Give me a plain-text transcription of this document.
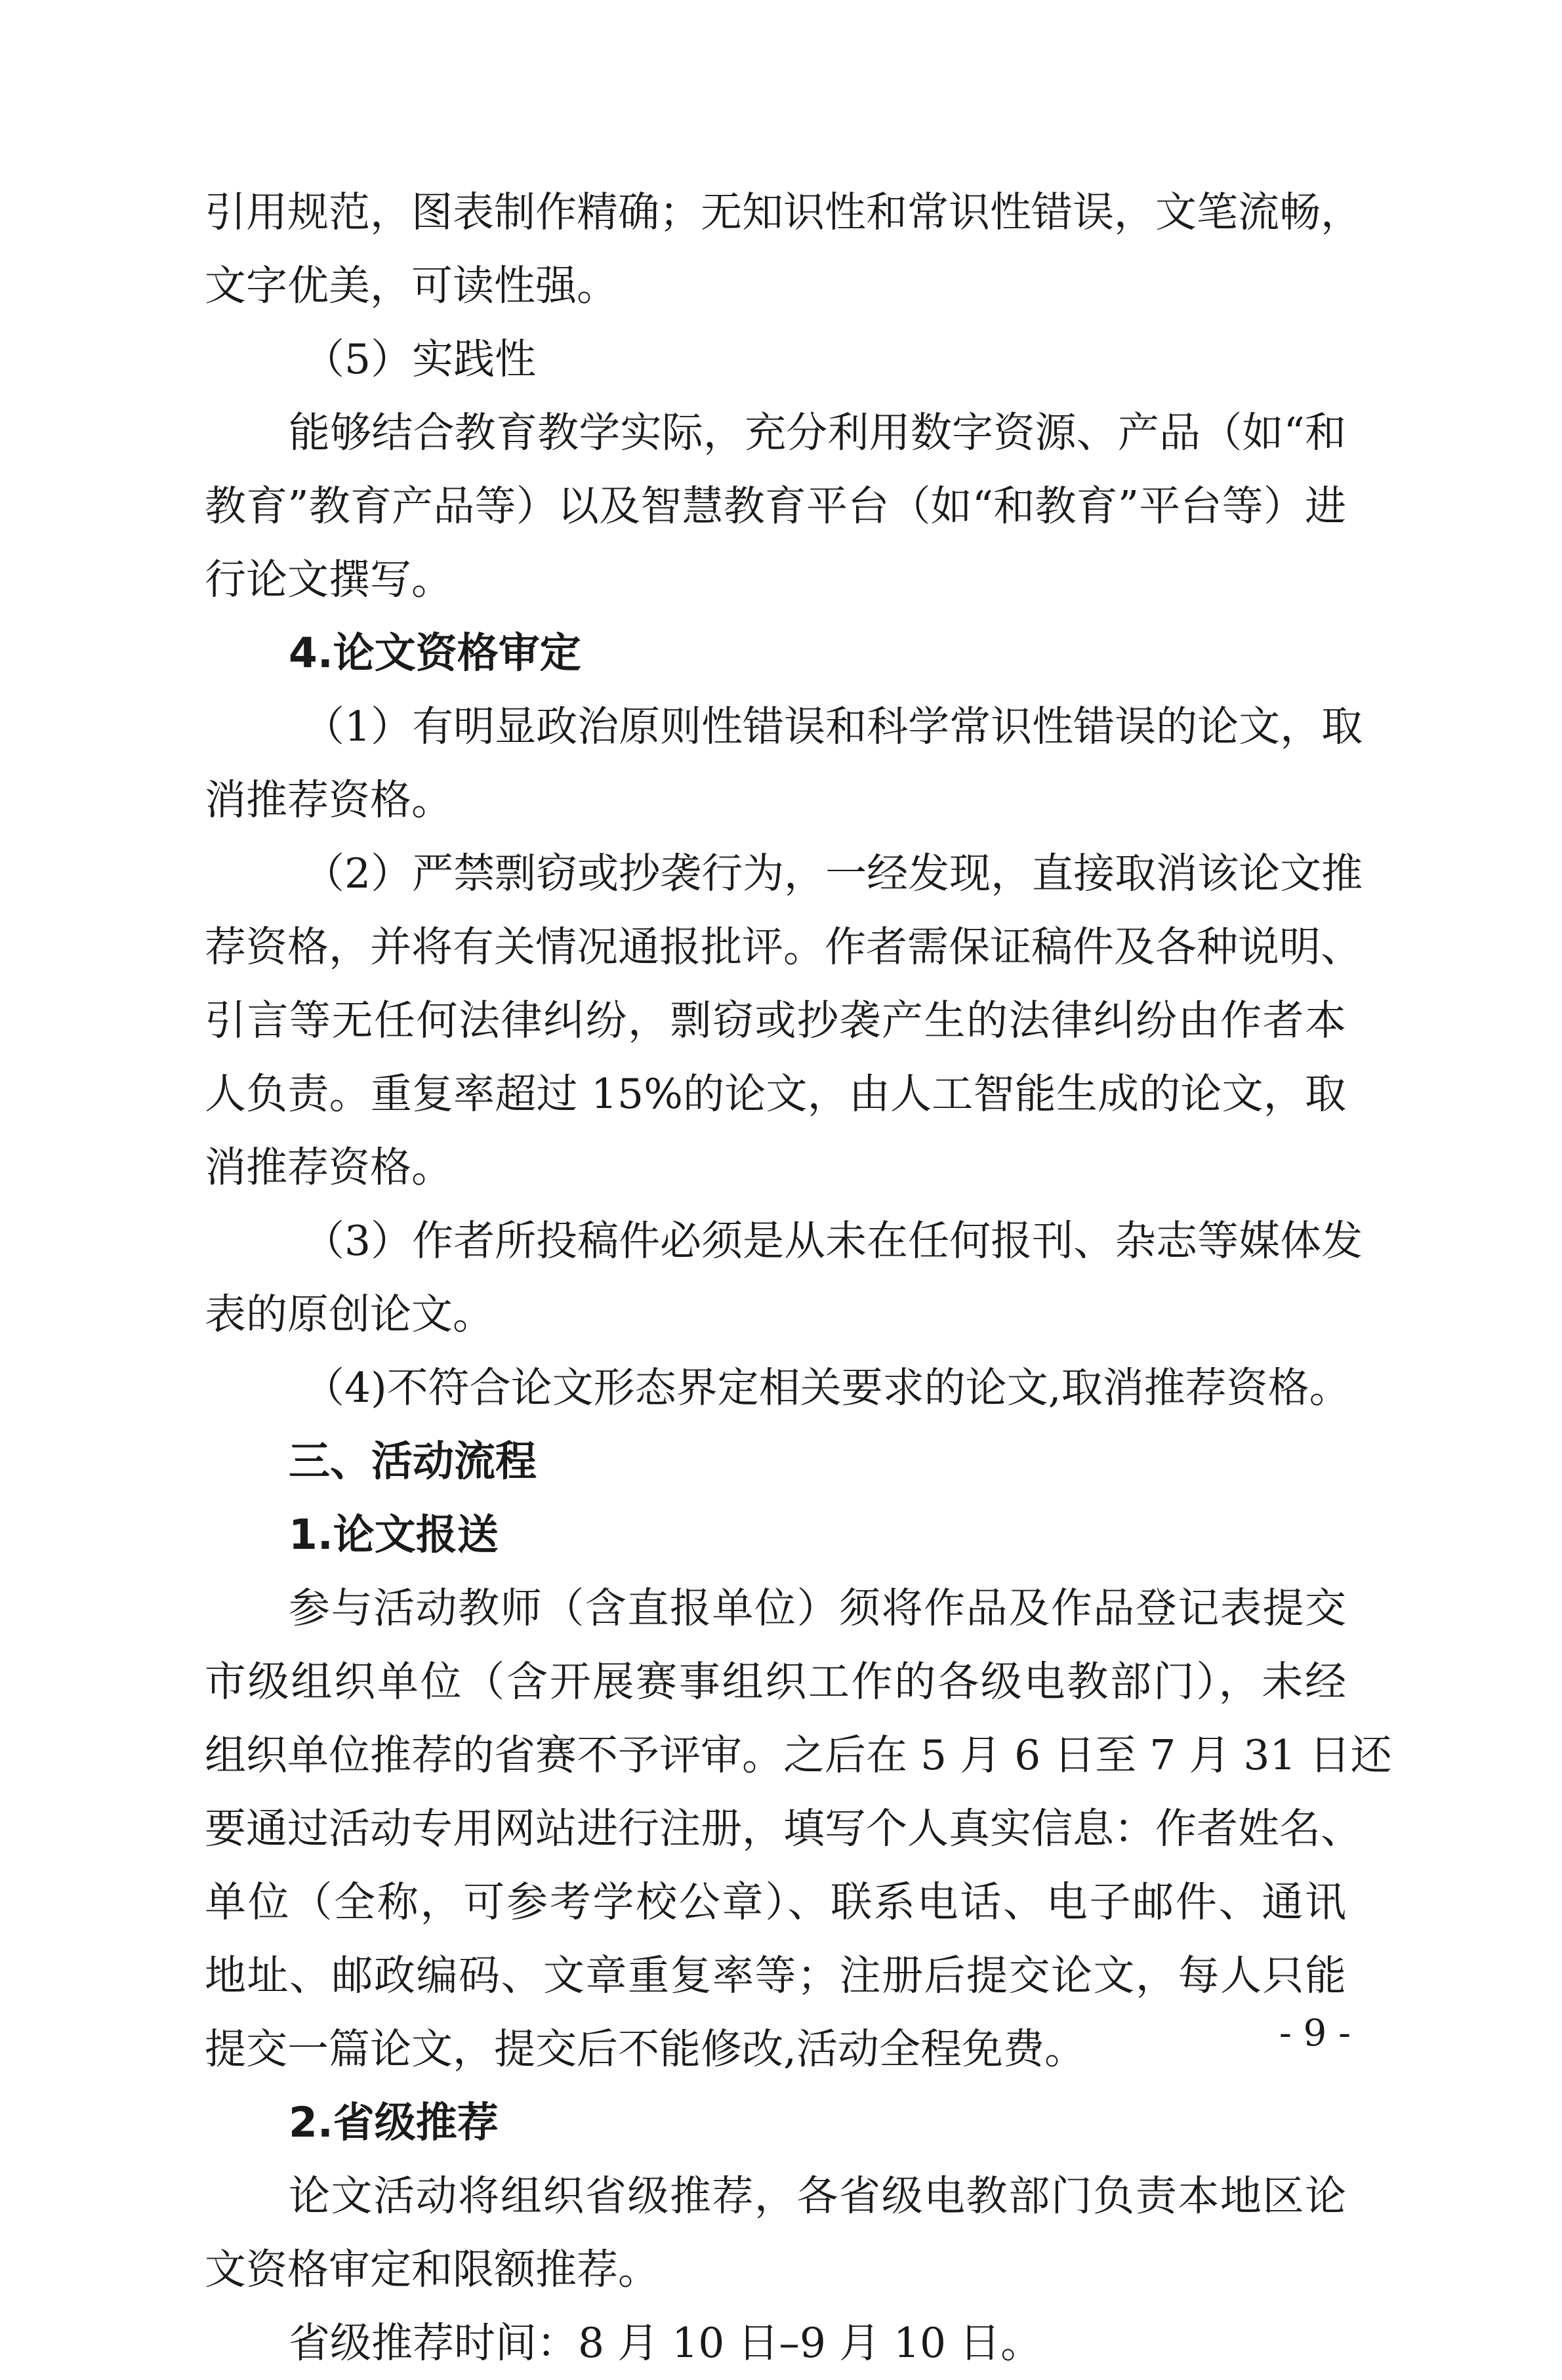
引用规范，图表制作精确；无知识性和常识性错误，文笔流畅，
文字优美，可读性强。
（5）实践性
能够结合教育教学实际，充分利用数字资源、产品（如“和
教育”教育产品等）以及智慧教育平台（如“和教育”平台等）进
行论文撰写。
4.论文资格审定
（1）有明显政治原则性错误和科学常识性错误的论文，取
消推荐资格。
（2）严禁剽窃或抄袭行为，一经发现，直接取消该论文推
荐资格，并将有关情况通报批评。作者需保证稿件及各种说明、
引言等无任何法律纠纷，剽窃或抄袭产生的法律纠纷由作者本
人负责。重复率超过 15%的论文，由人工智能生成的论文，取
消推荐资格。
（3）作者所投稿件必须是从未在任何报刊、杂志等媒体发
表的原创论文。
（4)不符合论文形态界定相关要求的论文,取消推荐资格。
三、活动流程
1.论文报送
参与活动教师（含直报单位）须将作品及作品登记表提交
市级组织单位（含开展赛事组织工作的各级电教部门），未经
组织单位推荐的省赛不予评审。之后在 5 月 6 日至 7 月 31 日还
要通过活动专用网站进行注册，填写个人真实信息：作者姓名、
单位（全称，可参考学校公章）、联系电话、电子邮件、通讯
地址、邮政编码、文章重复率等；注册后提交论文，每人只能
提交一篇论文，提交后不能修改,活动全程免费。
2.省级推荐
论文活动将组织省级推荐，各省级电教部门负责本地区论
文资格审定和限额推荐。
省级推荐时间：8 月 10 日–9 月 10 日。
- 9 -
